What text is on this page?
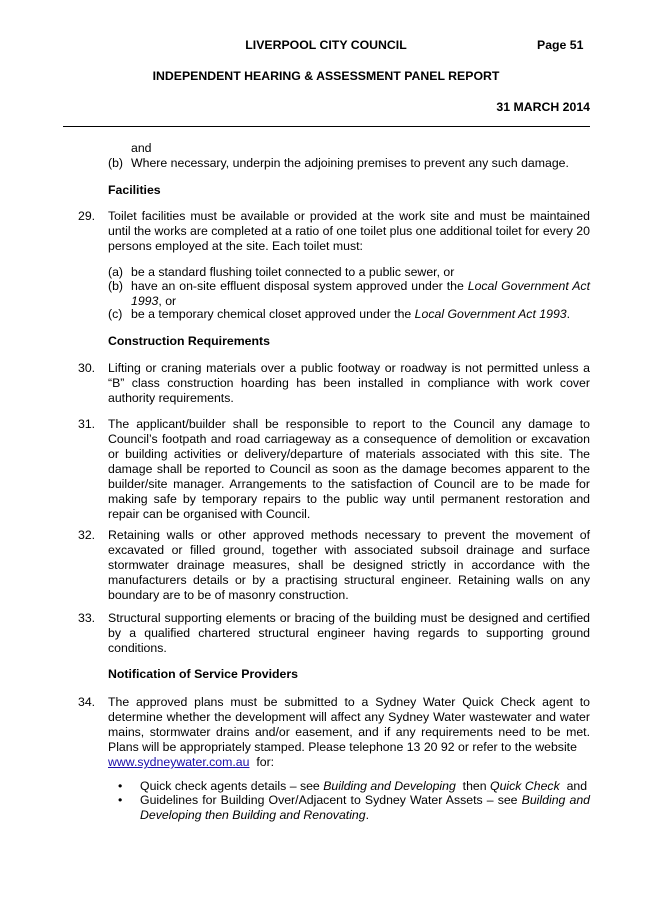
LIVERPOOL CITY COUNCIL	Page 51
INDEPENDENT HEARING & ASSESSMENT PANEL REPORT
31 MARCH 2014
and
(b) Where necessary, underpin the adjoining premises to prevent any such damage.
Facilities
29. Toilet facilities must be available or provided at the work site and must be maintained until the works are completed at a ratio of one toilet plus one additional toilet for every 20 persons employed at the site. Each toilet must:
(a) be a standard flushing toilet connected to a public sewer, or
(b) have an on-site effluent disposal system approved under the Local Government Act 1993, or
(c) be a temporary chemical closet approved under the Local Government Act 1993.
Construction Requirements
30. Lifting or craning materials over a public footway or roadway is not permitted unless a “B” class construction hoarding has been installed in compliance with work cover authority requirements.
31. The applicant/builder shall be responsible to report to the Council any damage to Council’s footpath and road carriageway as a consequence of demolition or excavation or building activities or delivery/departure of materials associated with this site. The damage shall be reported to Council as soon as the damage becomes apparent to the builder/site manager. Arrangements to the satisfaction of Council are to be made for making safe by temporary repairs to the public way until permanent restoration and repair can be organised with Council.
32. Retaining walls or other approved methods necessary to prevent the movement of excavated or filled ground, together with associated subsoil drainage and surface stormwater drainage measures, shall be designed strictly in accordance with the manufacturers details or by a practising structural engineer. Retaining walls on any boundary are to be of masonry construction.
33. Structural supporting elements or bracing of the building must be designed and certified by a qualified chartered structural engineer having regards to supporting ground conditions.
Notification of Service Providers
34. The approved plans must be submitted to a Sydney Water Quick Check agent to determine whether the development will affect any Sydney Water wastewater and water mains, stormwater drains and/or easement, and if any requirements need to be met. Plans will be appropriately stamped. Please telephone 13 20 92 or refer to the website
www.sydneywater.com.au  for:
• Quick check agents details – see Building and Developing  then Quick Check  and
• Guidelines for Building Over/Adjacent to Sydney Water Assets – see Building and Developing then Building and Renovating.
